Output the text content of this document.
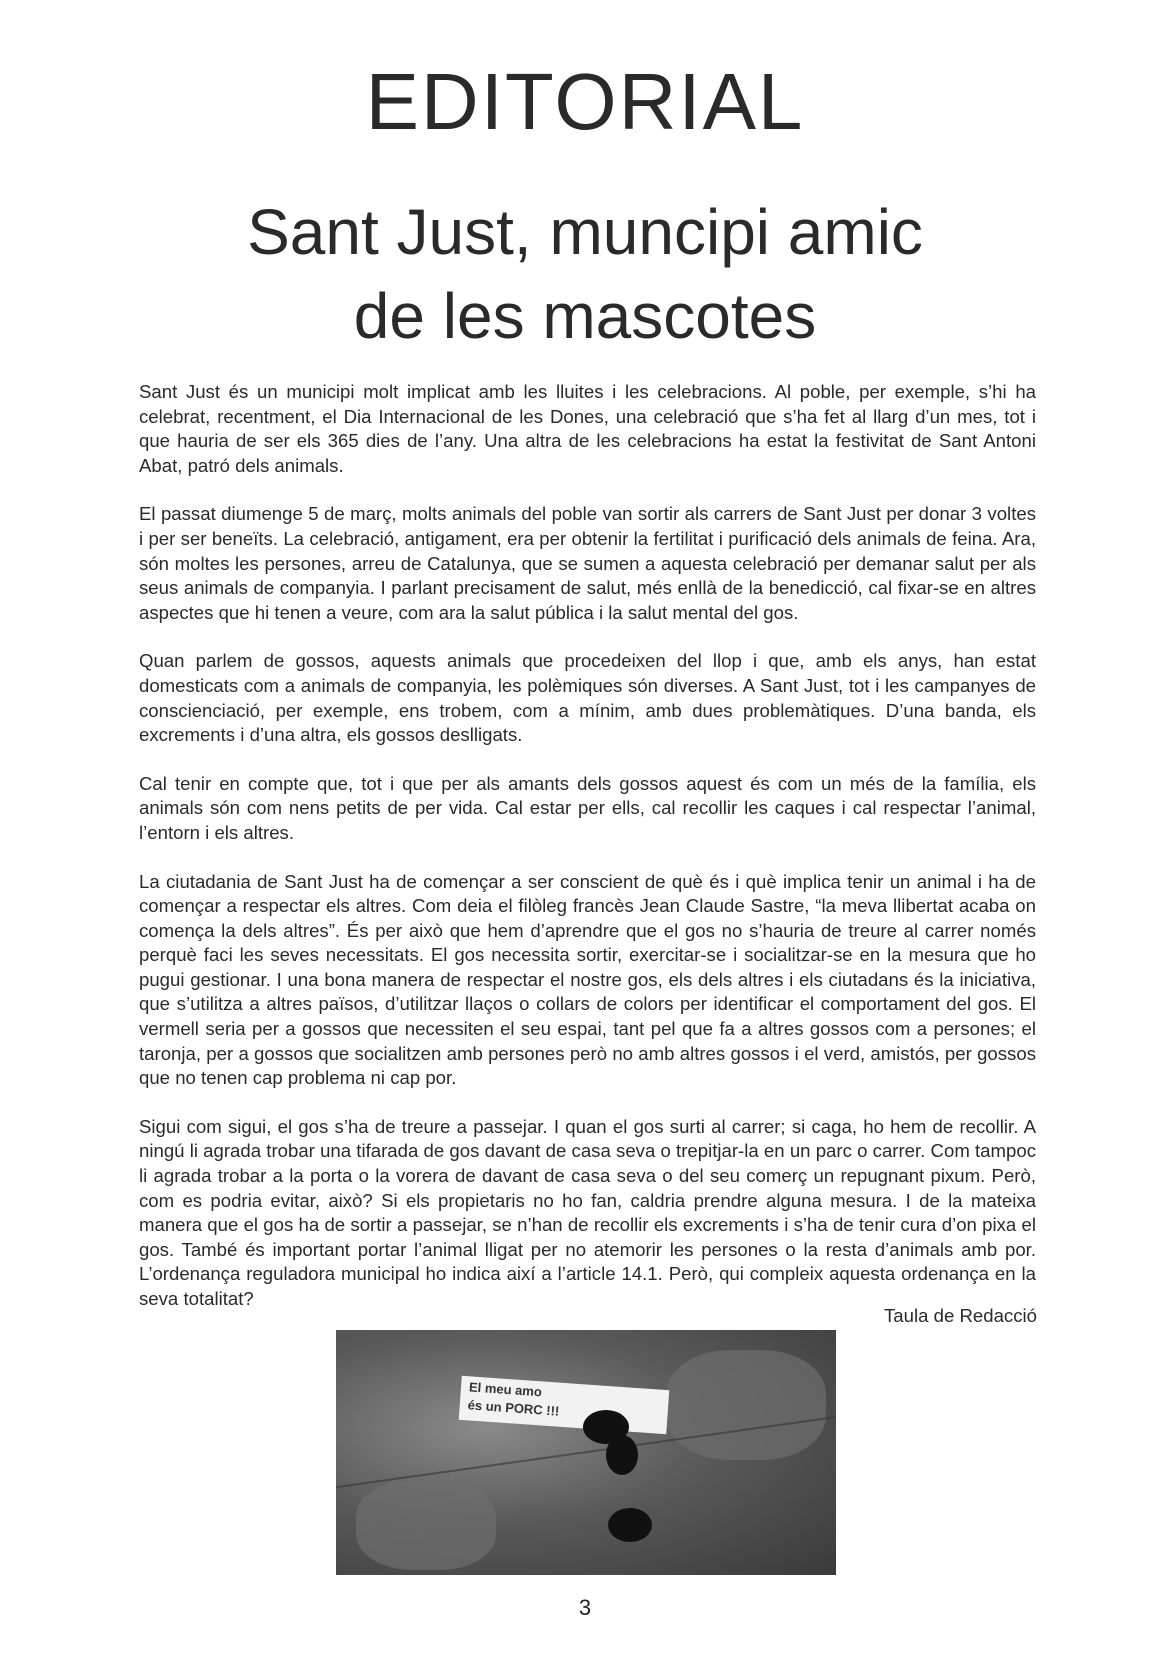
EDITORIAL
Sant Just, muncipi amic
de les mascotes

Sant Just és un municipi molt implicat amb les lluites i les celebracions. Al poble, per exemple, s’hi ha celebrat, recentment, el Dia Internacional de les Dones, una celebració que s’ha fet al llarg d’un mes, tot i que hauria de ser els 365 dies de l’any. Una altra de les celebracions ha estat la festivitat de Sant Antoni Abat, patró dels animals.

El passat diumenge 5 de març, molts animals del poble van sortir als carrers de Sant Just per donar 3 voltes i per ser beneïts. La celebració, antigament, era per obtenir la fertilitat i purificació dels animals de feina. Ara, són moltes les persones, arreu de Catalunya, que se sumen a aquesta celebració per demanar salut per als seus animals de companyia. I parlant precisament de salut, més enllà de la benedicció, cal fixar-se en altres aspectes que hi tenen a veure, com ara la salut pública i la salut mental del gos.

Quan parlem de gossos, aquests animals que procedeixen del llop i que, amb els anys, han estat domesticats com a animals de companyia, les polèmiques són diverses. A Sant Just, tot i les campanyes de conscienciació, per exemple, ens trobem, com a mínim, amb dues problemàtiques. D’una banda, els excrements i d’una altra, els gossos deslligats.

Cal tenir en compte que, tot i que per als amants dels gossos aquest és com un més de la família, els animals són com nens petits de per vida. Cal estar per ells, cal recollir les caques i cal respectar l’animal, l’entorn i els altres.

La ciutadania de Sant Just ha de començar a ser conscient de què és i què implica tenir un animal i ha de començar a respectar els altres. Com deia el filòleg francès Jean Claude Sastre, “la meva llibertat acaba on comença la dels altres”. És per això que hem d’aprendre que el gos no s’hauria de treure al carrer només perquè faci les seves necessitats. El gos necessita sortir, exercitar-se i socialitzar-se en la mesura que ho pugui gestionar. I una bona manera de respectar el nostre gos, els dels altres i els ciutadans és la iniciativa, que s’utilitza a altres països, d’utilitzar llaços o collars de colors per identificar el comportament del gos. El vermell seria per a gossos que necessiten el seu espai, tant pel que fa a altres gossos com a persones; el taronja, per a gossos que socialitzen amb persones però no amb altres gossos i el verd, amistós, per gossos que no tenen cap problema ni cap por.

Sigui com sigui, el gos s’ha de treure a passejar. I quan el gos surti al carrer; si caga, ho hem de recollir. A ningú li agrada trobar una tifarada de gos davant de casa seva o trepitjar-la en un parc o carrer. Com tampoc li agrada trobar a la porta o la vorera de davant de casa seva o del seu comerç un repugnant pixum. Però, com es podria evitar, això? Si els propietaris no ho fan, caldria prendre alguna mesura. I de la mateixa manera que el gos ha de sortir a passejar, se n’han de recollir els excrements i s’ha de tenir cura d’on pixa el gos. També és important portar l’animal lligat per no atemorir les persones o la resta d’animals amb por. L’ordenança reguladora municipal ho indica així a l’article 14.1. Però, qui compleix aquesta ordenança en la seva totalitat?

Taula de Redacció
El meu amo
és un PORC !!!
3
